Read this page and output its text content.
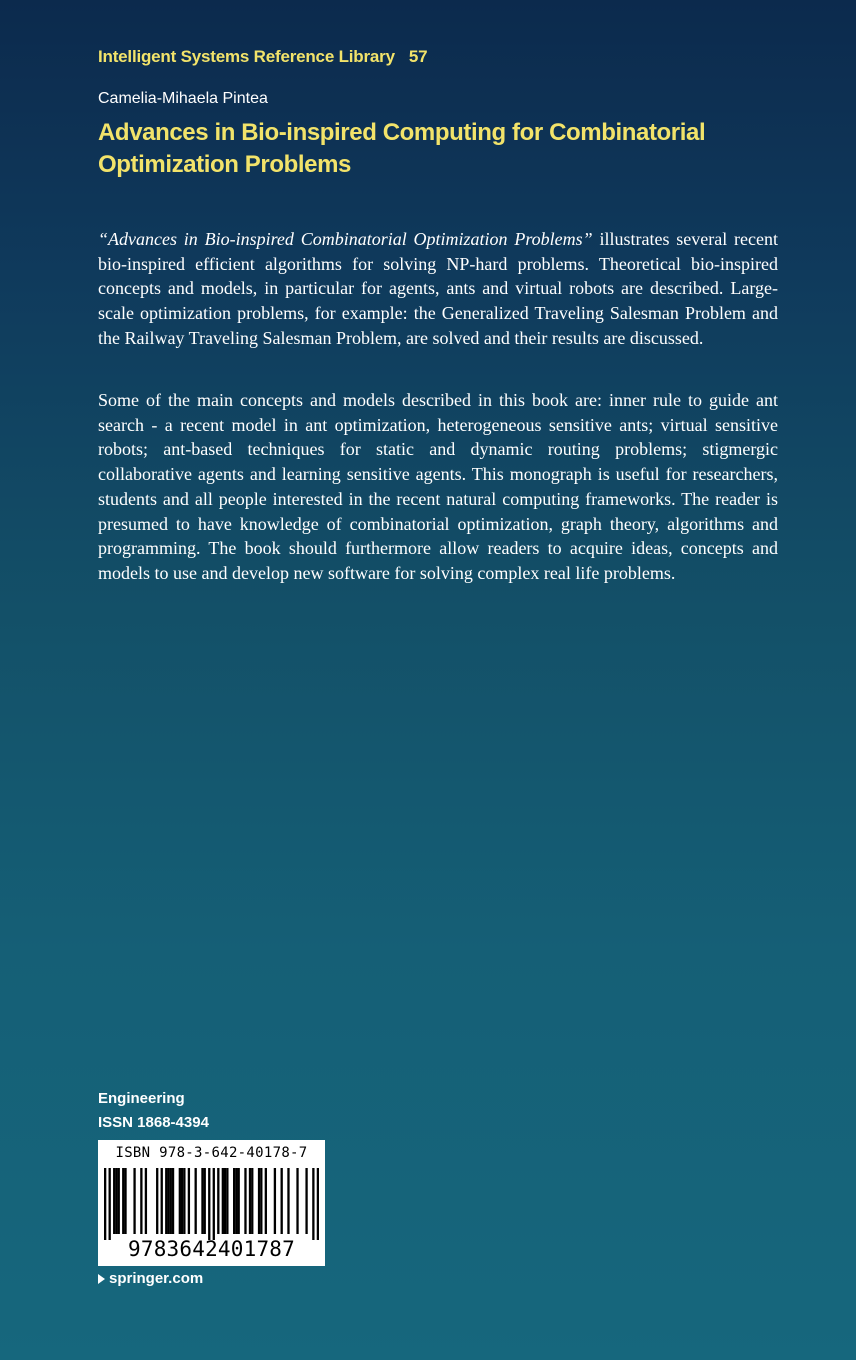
Intelligent Systems Reference Library 57
Camelia-Mihaela Pintea
Advances in Bio-inspired Computing for Combinatorial Optimization Problems

“Advances in Bio-inspired Combinatorial Optimization Problems” illustrates several recent bio-inspired efficient algorithms for solving NP-hard problems. Theoretical bio-inspired concepts and models, in particular for agents, ants and virtual robots are described. Large-scale optimization problems, for example: the Generalized Traveling Salesman Problem and the Railway Traveling Salesman Problem, are solved and their results are discussed.

Some of the main concepts and models described in this book are: inner rule to guide ant search - a recent model in ant optimization, heterogeneous sensitive ants; virtual sensitive robots; ant-based techniques for static and dynamic routing problems; stigmergic collaborative agents and learning sensitive agents. This monograph is useful for researchers, students and all people interested in the recent natural computing frameworks. The reader is presumed to have knowledge of combinatorial optimization, graph theory, algorithms and programming. The book should furthermore allow readers to acquire ideas, concepts and models to use and develop new software for solving complex real life problems.

Engineering
ISSN 1868-4394
ISBN 978-3-642-40178-7
9783642401787
springer.com
